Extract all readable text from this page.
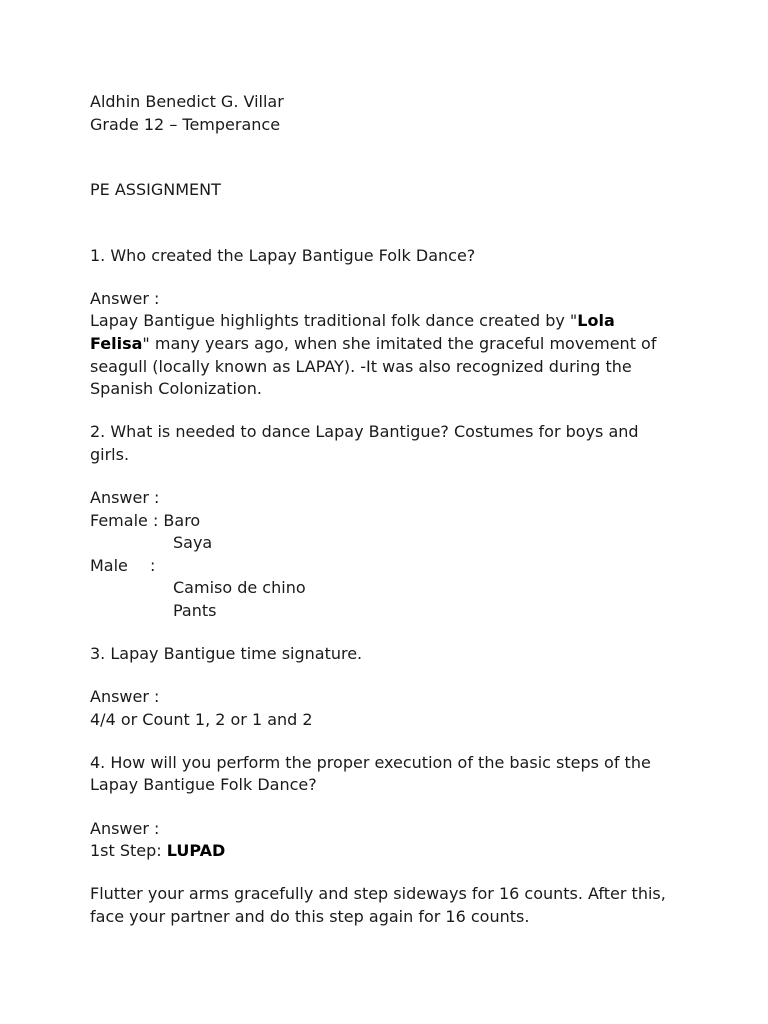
Aldhin Benedict G. Villar
Grade 12 – Temperance
PE ASSIGNMENT
1. Who created the Lapay Bantigue Folk Dance?
Answer :
Lapay Bantigue highlights traditional folk dance created by "Lola
Felisa" many years ago, when she imitated the graceful movement of
seagull (locally known as LAPAY). -It was also recognized during the
Spanish Colonization.
2. What is needed to dance Lapay Bantigue? Costumes for boys and
girls.
Answer :
Female : Baro
Saya
Male :
Camiso de chino
Pants
3. Lapay Bantigue time signature.
Answer :
4/4 or Count 1, 2 or 1 and 2
4. How will you perform the proper execution of the basic steps of the
Lapay Bantigue Folk Dance?
Answer :
1st Step: LUPAD
Flutter your arms gracefully and step sideways for 16 counts. After this,
face your partner and do this step again for 16 counts.
